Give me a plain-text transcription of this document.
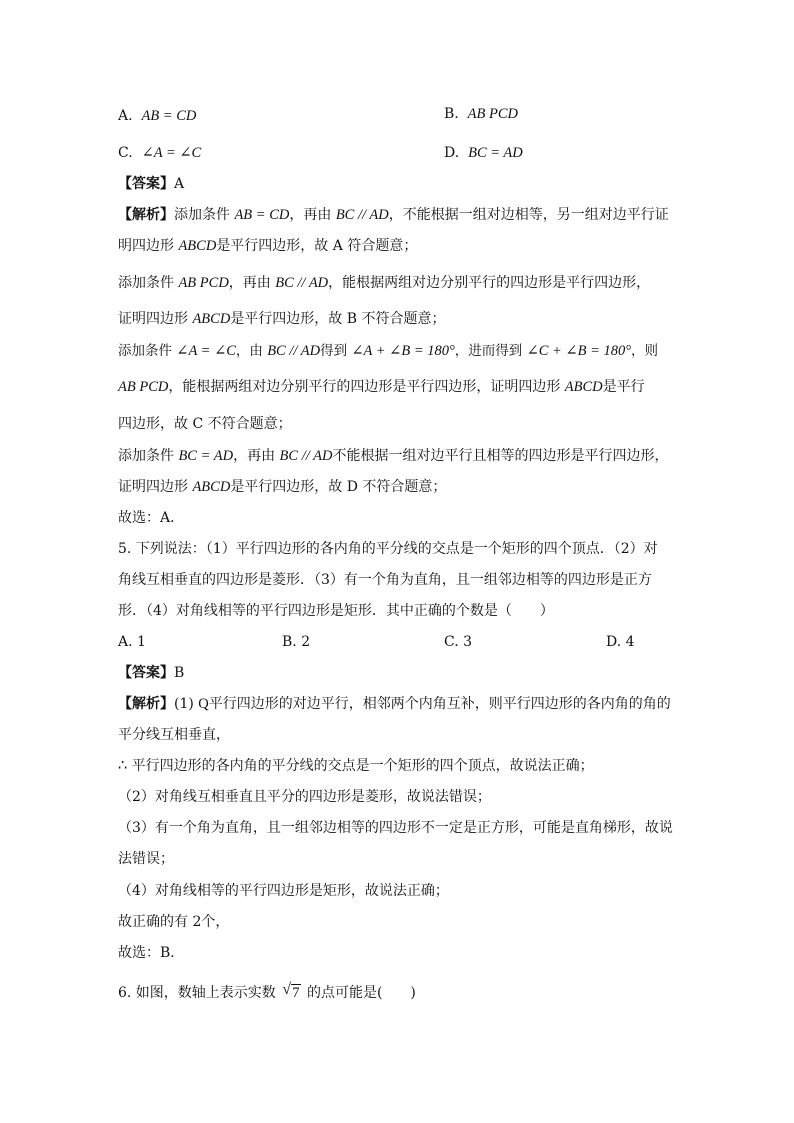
A. AB = CD	B. AB PCD
C. ∠A = ∠C	D. BC = AD
【答案】A
【解析】添加条件 AB = CD，再由 BC // AD，不能根据一组对边相等，另一组对边平行证
明四边形 ABCD是平行四边形，故 A 符合题意；
添加条件 AB PCD，再由 BC // AD，能根据两组对边分别平行的四边形是平行四边形，
证明四边形 ABCD是平行四边形，故 B 不符合题意；
添加条件 ∠A = ∠C，由 BC // AD得到 ∠A + ∠B = 180°，进而得到 ∠C + ∠B = 180°，则
AB PCD，能根据两组对边分别平行的四边形是平行四边形，证明四边形 ABCD是平行
四边形，故 C 不符合题意；
添加条件 BC = AD，再由 BC // AD不能根据一组对边平行且相等的四边形是平行四边形，
证明四边形 ABCD是平行四边形，故 D 不符合题意；
故选：A．
5. 下列说法：（1）平行四边形的各内角的平分线的交点是一个矩形的四个顶点．（2）对
角线互相垂直的四边形是菱形．（3）有一个角为直角，且一组邻边相等的四边形是正方
形．（4）对角线相等的平行四边形是矩形．其中正确的个数是（　　）
A. 1	B. 2	C. 3	D. 4
【答案】B
【解析】(1) Q平行四边形的对边平行，相邻两个内角互补，则平行四边形的各内角的角的
平分线互相垂直，
∴ 平行四边形的各内角的平分线的交点是一个矩形的四个顶点，故说法正确；
（2）对角线互相垂直且平分的四边形是菱形，故说法错误；
（3）有一个角为直角，且一组邻边相等的四边形不一定是正方形，可能是直角梯形，故说
法错误；
（4）对角线相等的平行四边形是矩形，故说法正确；
故正确的有 2个，
故选：B．
6. 如图，数轴上表示实数 √ 7 的点可能是(　　)
